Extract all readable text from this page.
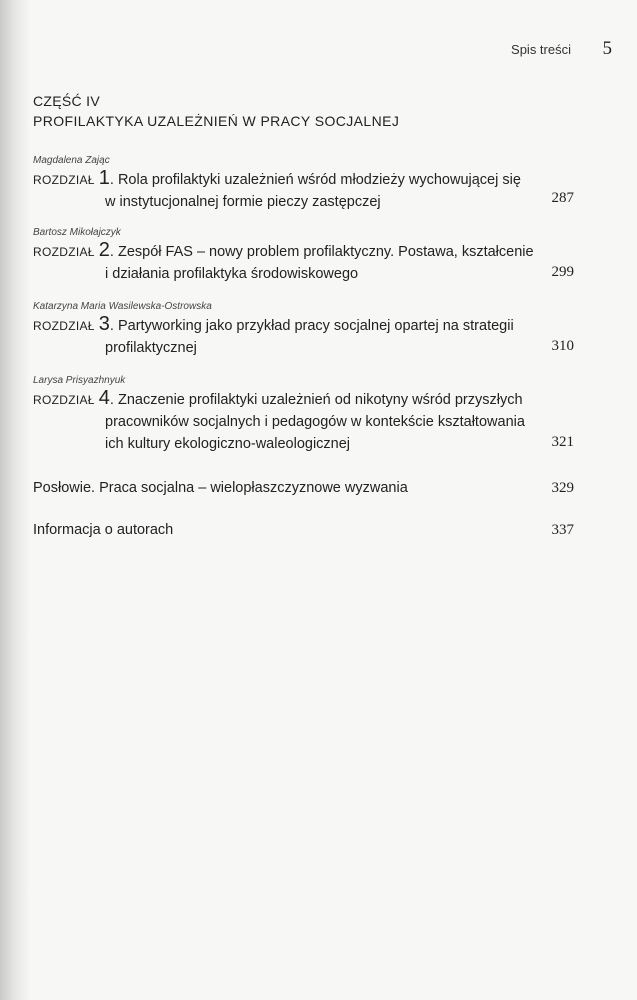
Spis treści 5
CZĘŚĆ IV
PROFILAKTYKA UZALEŻNIEŃ W PRACY SOCJALNEJ
Magdalena Zając
ROZDZIAŁ 1. Rola profilaktyki uzależnień wśród młodzieży wychowującej się
w instytucjonalnej formie pieczy zastępczej	287
Bartosz Mikołajczyk
ROZDZIAŁ 2. Zespół FAS – nowy problem profilaktyczny. Postawa, kształcenie
i działania profilaktyka środowiskowego	299
Katarzyna Maria Wasilewska-Ostrowska
ROZDZIAŁ 3. Partyworking jako przykład pracy socjalnej opartej na strategii
profilaktycznej	310
Larysa Prisyazhnyuk
ROZDZIAŁ 4. Znaczenie profilaktyki uzależnień od nikotyny wśród przyszłych
pracowników socjalnych i pedagogów w kontekście kształtowania
ich kultury ekologiczno-waleologicznej	321
Posłowie. Praca socjalna – wielopłaszczyznowe wyzwania	329
Informacja o autorach	337
